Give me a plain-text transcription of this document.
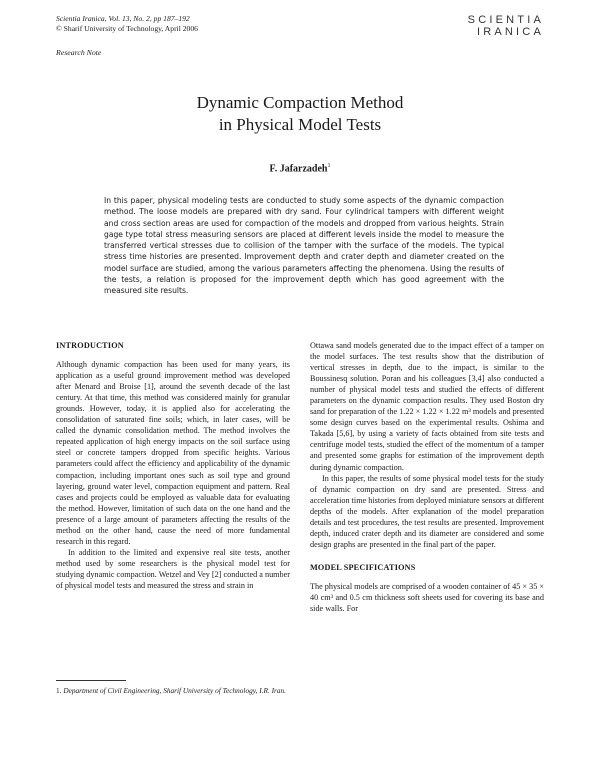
Scientia Iranica, Vol. 13, No. 2, pp 187–192
© Sharif University of Technology, April 2006
SCIENTIA
IRANICA
Research Note
Dynamic Compaction Method
in Physical Model Tests
F. Jafarzadeh$^1$
In this paper, physical modeling tests are conducted to study some aspects of the dynamic compaction method. The loose models are prepared with dry sand. Four cylindrical tampers with different weight and cross section areas are used for compaction of the models and dropped from various heights. Strain gage type total stress measuring sensors are placed at different levels inside the model to measure the transferred vertical stresses due to collision of the tamper with the surface of the models. The typical stress time histories are presented. Improvement depth and crater depth and diameter created on the model surface are studied, among the various parameters affecting the phenomena. Using the results of the tests, a relation is proposed for the improvement depth which has good agreement with the measured site results.
INTRODUCTION

Although dynamic compaction has been used for many years, its application as a useful ground improvement method was developed after Menard and Broise [1], around the seventh decade of the last century. At that time, this method was considered mainly for granular grounds. However, today, it is applied also for accelerating the consolidation of saturated fine soils; which, in later cases, will be called the dynamic consolidation method. The method involves the repeated application of high energy impacts on the soil surface using steel or concrete tampers dropped from specific heights. Various parameters could affect the efficiency and applicability of the dynamic compaction, including important ones such as soil type and ground layering, ground water level, compaction equipment and pattern. Real cases and projects could be employed as valuable data for evaluating the method. However, limitation of such data on the one hand and the presence of a large amount of parameters affecting the results of the method on the other hand, cause the need of more fundamental research in this regard.

In addition to the limited and expensive real site tests, another method used by some researchers is the physical model test for studying dynamic compaction. Wetzel and Vey [2] conducted a number of physical model tests and measured the stress and strain in

Ottawa sand models generated due to the impact effect of a tamper on the model surfaces. The test results show that the distribution of vertical stresses in depth, due to the impact, is similar to the Boussinesq solution. Poran and his colleagues [3,4] also conducted a number of physical model tests and studied the effects of different parameters on the dynamic compaction results. They used Boston dry sand for preparation of the 1.22 × 1.22 × 1.22 m³ models and presented some design curves based on the experimental results. Oshima and Takada [5,6], by using a variety of facts obtained from site tests and centrifuge model tests, studied the effect of the momentum of a tamper and presented some graphs for estimation of the improvement depth during dynamic compaction.

In this paper, the results of some physical model tests for the study of dynamic compaction on dry sand are presented. Stress and acceleration time histories from deployed miniature sensors at different depths of the models. After explanation of the model preparation details and test procedures, the test results are presented. Improvement depth, induced crater depth and its diameter are considered and some design graphs are presented in the final part of the paper.

MODEL SPECIFICATIONS

The physical models are comprised of a wooden container of 45 × 35 × 40 cm³ and 0.5 cm thickness soft sheets used for covering its base and side walls. For

1. Department of Civil Engineering, Sharif University of Technology, I.R. Iran.
